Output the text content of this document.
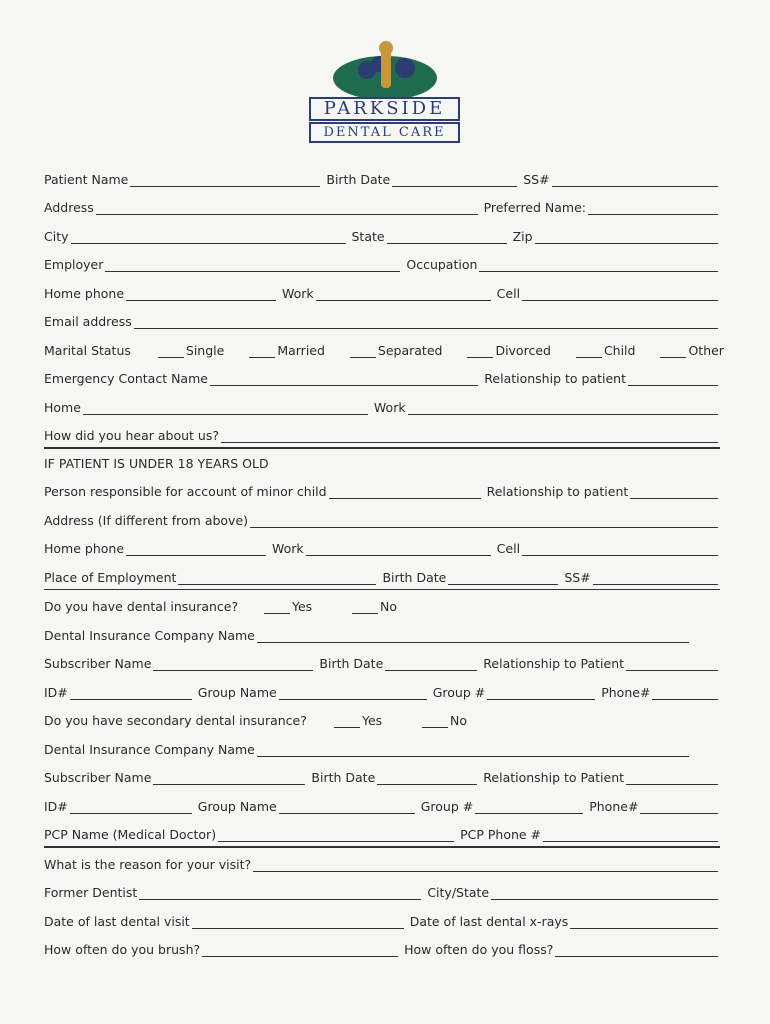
PARKSIDE
DENTAL CARE
Patient Name	Birth Date	SS#
Address	Preferred Name:
City	State	Zip
Employer	Occupation
Home phone	Work	Cell
Email address
Marital Status	Single	Married	Separated	Divorced	Child	Other
Emergency Contact Name	Relationship to patient
Home	Work
How did you hear about us?
IF PATIENT IS UNDER 18 YEARS OLD
Person responsible for account of minor child	Relationship to patient
Address (If different from above)
Home phone	Work	Cell
Place of Employment	Birth Date	SS#
Do you have dental insurance?	Yes	No
Dental Insurance Company Name
Subscriber Name	Birth Date	Relationship to Patient
ID#	Group Name	Group #	Phone#
Do you have secondary dental insurance?	Yes	No
Dental Insurance Company Name
Subscriber Name	Birth Date	Relationship to Patient
ID#	Group Name	Group #	Phone#
PCP Name (Medical Doctor)	PCP Phone #
What is the reason for your visit?
Former Dentist	City/State
Date of last dental visit	Date of last dental x-rays
How often do you brush?	How often do you floss?
